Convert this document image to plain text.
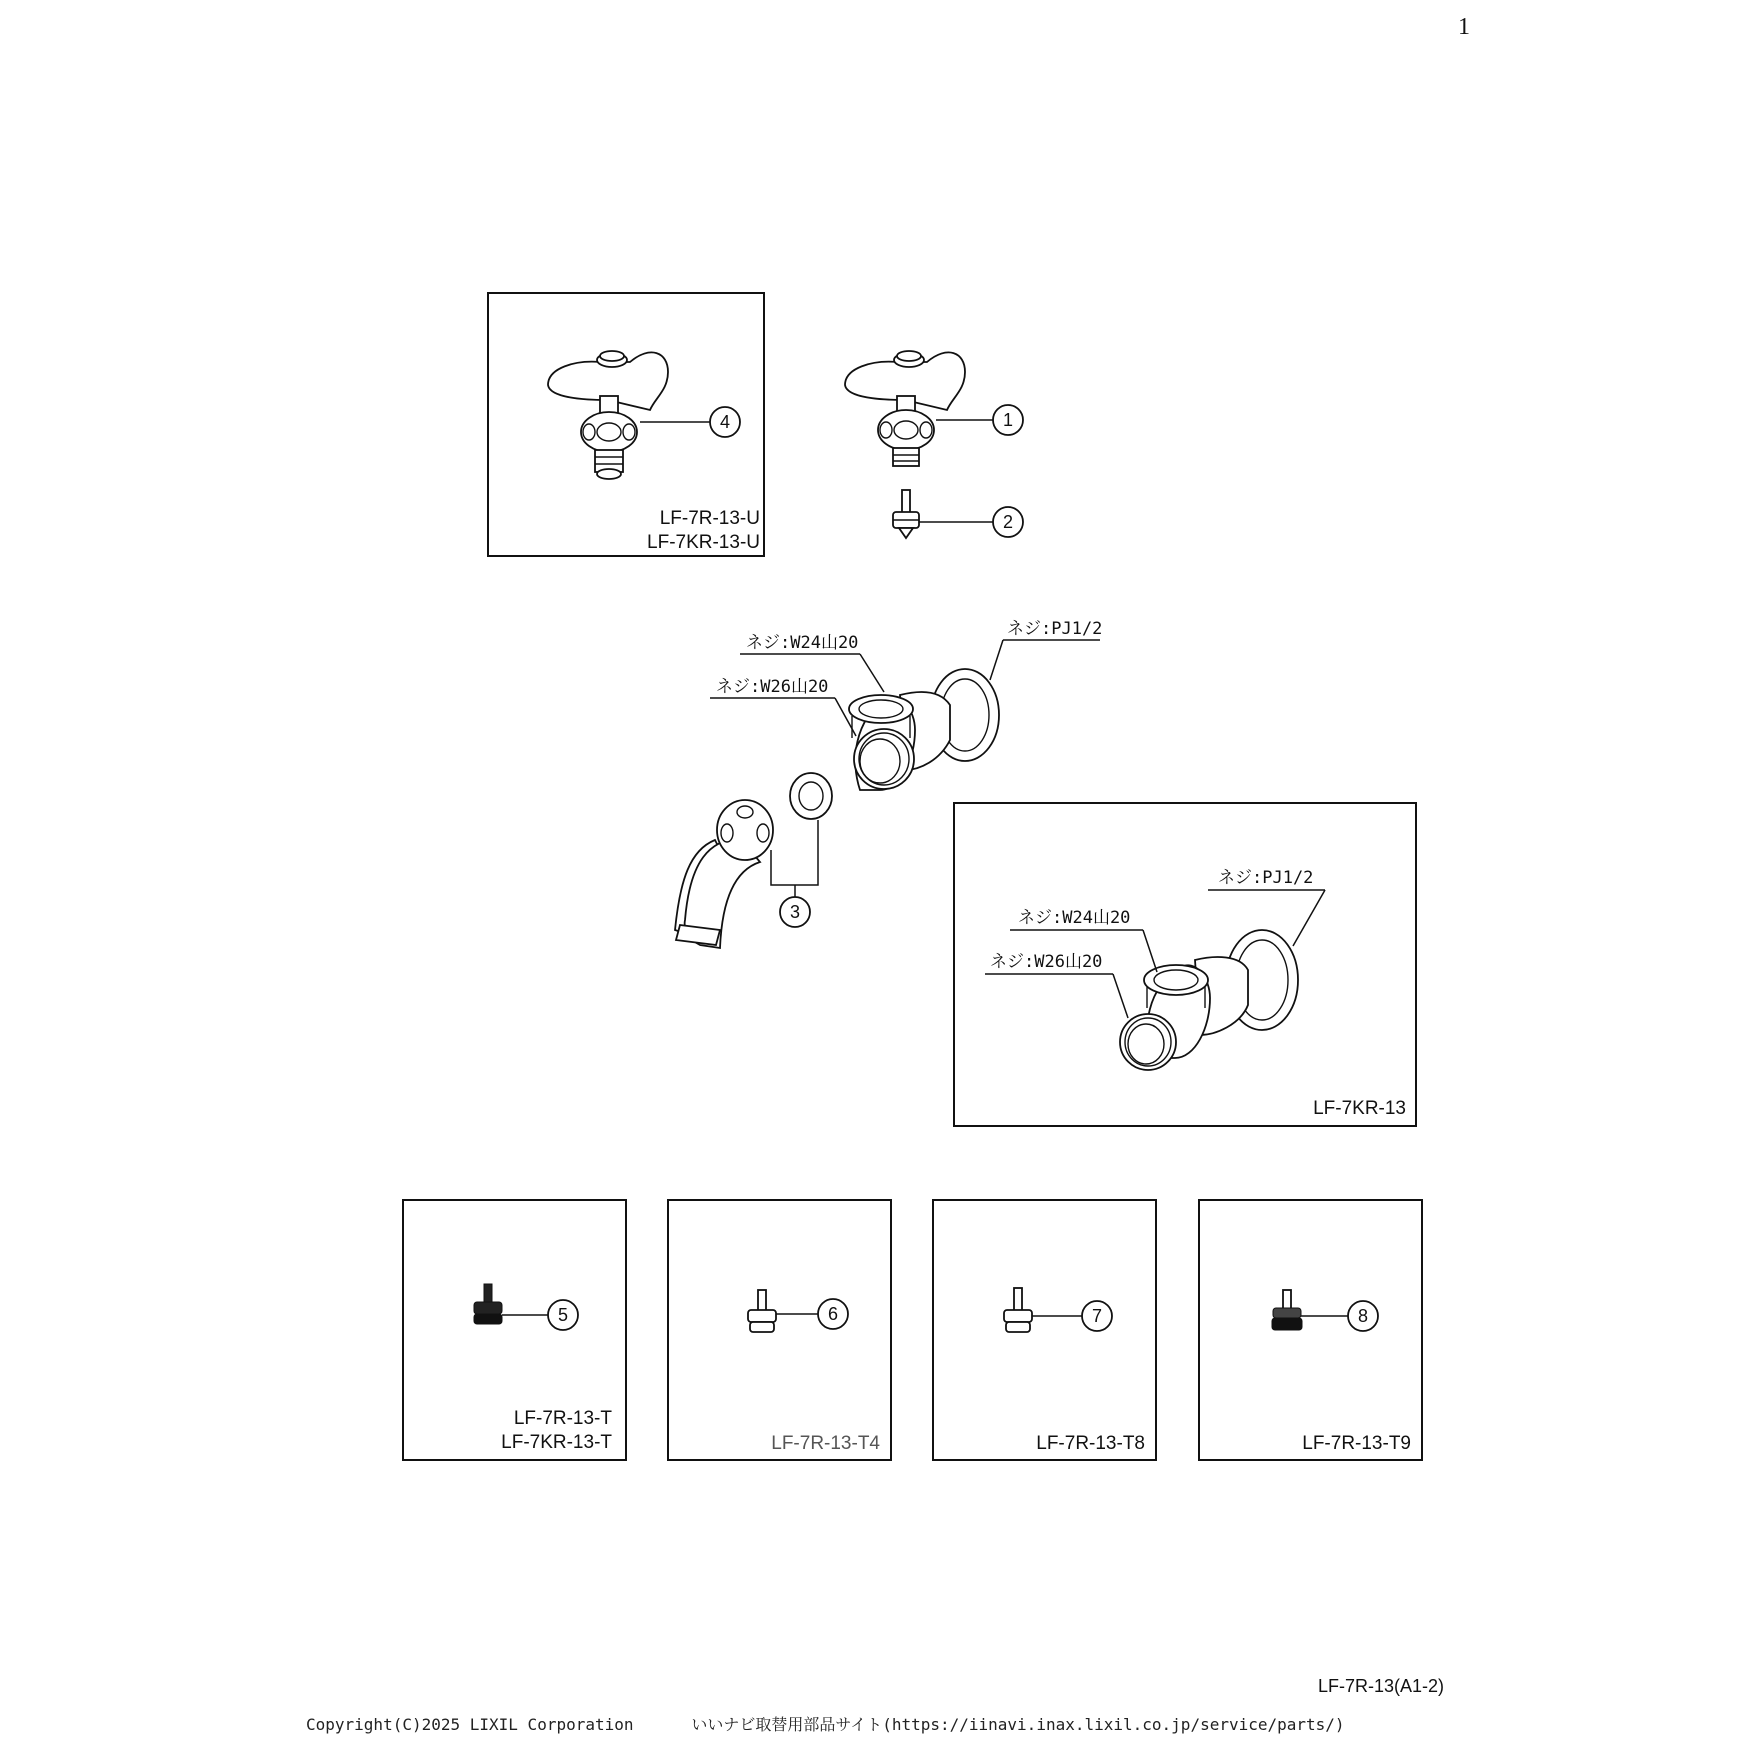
1
4
LF-7R-13-U
LF-7KR-13-U
1
2
ネジ:W24山20
ネジ:W26山20
ネジ:PJ1/2
3
ネジ:PJ1/2
ネジ:W24山20
ネジ:W26山20
LF-7KR-13
5
LF-7R-13-T
LF-7KR-13-T
6
LF-7R-13-T4
7
LF-7R-13-T8
8
LF-7R-13-T9
LF-7R-13(A1-2)
Copyright(C)2025 LIXIL Corporation	いいナビ取替用部品サイト(https://iinavi.inax.lixil.co.jp/service/parts/)
